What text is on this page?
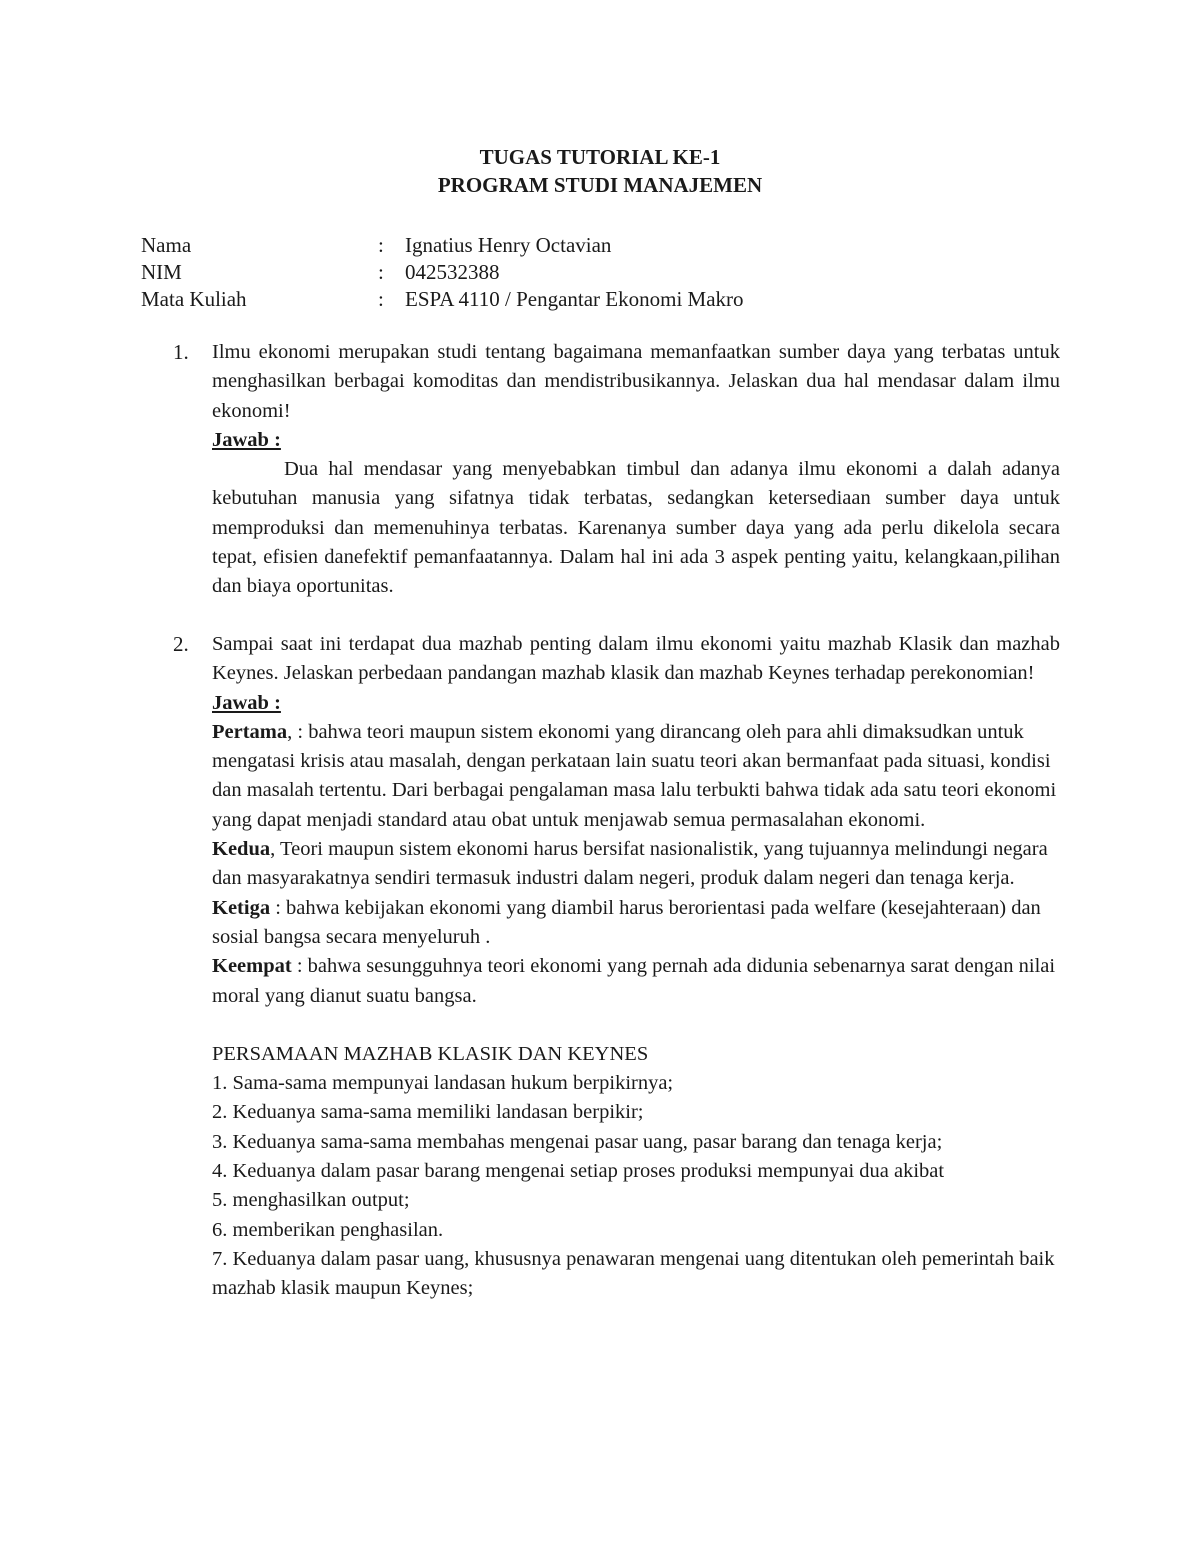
TUGAS TUTORIAL KE-1
PROGRAM STUDI MANAJEMEN
Nama	: Ignatius Henry Octavian
NIM	: 042532388
Mata Kuliah	: ESPA 4110 / Pengantar Ekonomi Makro
1. Ilmu ekonomi merupakan studi tentang bagaimana memanfaatkan sumber daya yang terbatas untuk menghasilkan berbagai komoditas dan mendistribusikannya. Jelaskan dua hal mendasar dalam ilmu ekonomi!

Jawab :

Dua hal mendasar yang menyebabkan timbul dan adanya ilmu ekonomi a dalah adanya kebutuhan manusia yang sifatnya tidak terbatas, sedangkan ketersediaan sumber daya untuk memproduksi dan memenuhinya terbatas. Karenanya sumber daya yang ada perlu dikelola secara tepat, efisien danefektif pemanfaatannya. Dalam hal ini ada 3 aspek penting yaitu, kelangkaan,pilihan dan biaya oportunitas.

2. Sampai saat ini terdapat dua mazhab penting dalam ilmu ekonomi yaitu mazhab Klasik dan mazhab Keynes. Jelaskan perbedaan pandangan mazhab klasik dan mazhab Keynes terhadap perekonomian!

Jawab :

Pertama, : bahwa teori maupun sistem ekonomi yang dirancang oleh para ahli dimaksudkan untuk mengatasi krisis atau masalah, dengan perkataan lain suatu teori akan bermanfaat pada situasi, kondisi dan masalah tertentu. Dari berbagai pengalaman masa lalu terbukti bahwa tidak ada satu teori ekonomi yang dapat menjadi standard atau obat untuk menjawab semua permasalahan ekonomi.

Kedua, Teori maupun sistem ekonomi harus bersifat nasionalistik, yang tujuannya melindungi negara dan masyarakatnya sendiri termasuk industri dalam negeri, produk dalam negeri dan tenaga kerja.

Ketiga : bahwa kebijakan ekonomi yang diambil harus berorientasi pada welfare (kesejahteraan) dan sosial bangsa secara menyeluruh .

Keempat : bahwa sesungguhnya teori ekonomi yang pernah ada didunia sebenarnya sarat dengan nilai moral yang dianut suatu bangsa.

PERSAMAAN MAZHAB KLASIK DAN KEYNES
1. Sama-sama mempunyai landasan hukum berpikirnya;
2. Keduanya sama-sama memiliki landasan berpikir;
3. Keduanya sama-sama membahas mengenai pasar uang, pasar barang dan tenaga kerja;
4. Keduanya dalam pasar barang mengenai setiap proses produksi mempunyai dua akibat
5. menghasilkan output;
6. memberikan penghasilan.
7. Keduanya dalam pasar uang, khususnya penawaran mengenai uang ditentukan oleh pemerintah baik mazhab klasik maupun Keynes;
